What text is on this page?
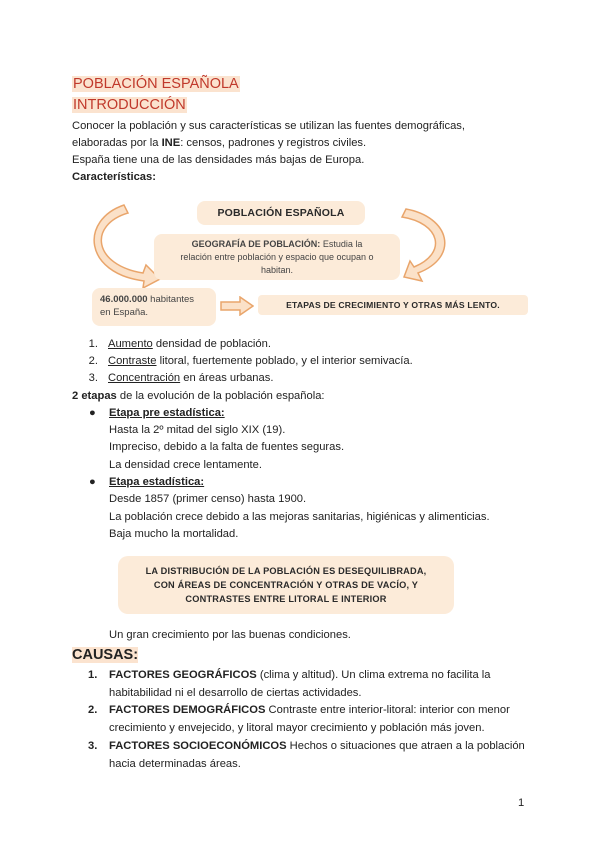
POBLACIÓN ESPAÑOLA
INTRODUCCIÓN
Conocer la población y sus características se utilizan las fuentes demográficas,
elaboradas por la INE: censos, padrones y registros civiles.
España tiene una de las densidades más bajas de Europa.
Características:
POBLACIÓN ESPAÑOLA
GEOGRAFÍA DE POBLACIÓN: Estudia la
relación entre población y espacio que ocupan o
habitan.
46.000.000 habitantes
en España.
ETAPAS DE CRECIMIENTO Y OTRAS MÁS LENTO.
1. Aumento densidad de población.
2. Contraste litoral, fuertemente poblado, y el interior semivacía.
3. Concentración en áreas urbanas.
2 etapas de la evolución de la población española:
● Etapa pre estadística:
Hasta la 2º mitad del siglo XIX (19).
Impreciso, debido a la falta de fuentes seguras.
La densidad crece lentamente.
● Etapa estadística:
Desde 1857 (primer censo) hasta 1900.
La población crece debido a las mejoras sanitarias, higiénicas y alimenticias.
Baja mucho la mortalidad.
LA DISTRIBUCIÓN DE LA POBLACIÓN ES DESEQUILIBRADA,
CON ÁREAS DE CONCENTRACIÓN Y OTRAS DE VACÍO, Y
CONTRASTES ENTRE LITORAL E INTERIOR
Un gran crecimiento por las buenas condiciones.
CAUSAS:
1. FACTORES GEOGRÁFICOS (clima y altitud). Un clima extrema no facilita la
habitabilidad ni el desarrollo de ciertas actividades.
2. FACTORES DEMOGRÁFICOS Contraste entre interior-litoral: interior con menor
crecimiento y envejecido, y litoral mayor crecimiento y población más joven.
3. FACTORES SOCIOECONÓMICOS Hechos o situaciones que atraen a la población
hacia determinadas áreas.
1
